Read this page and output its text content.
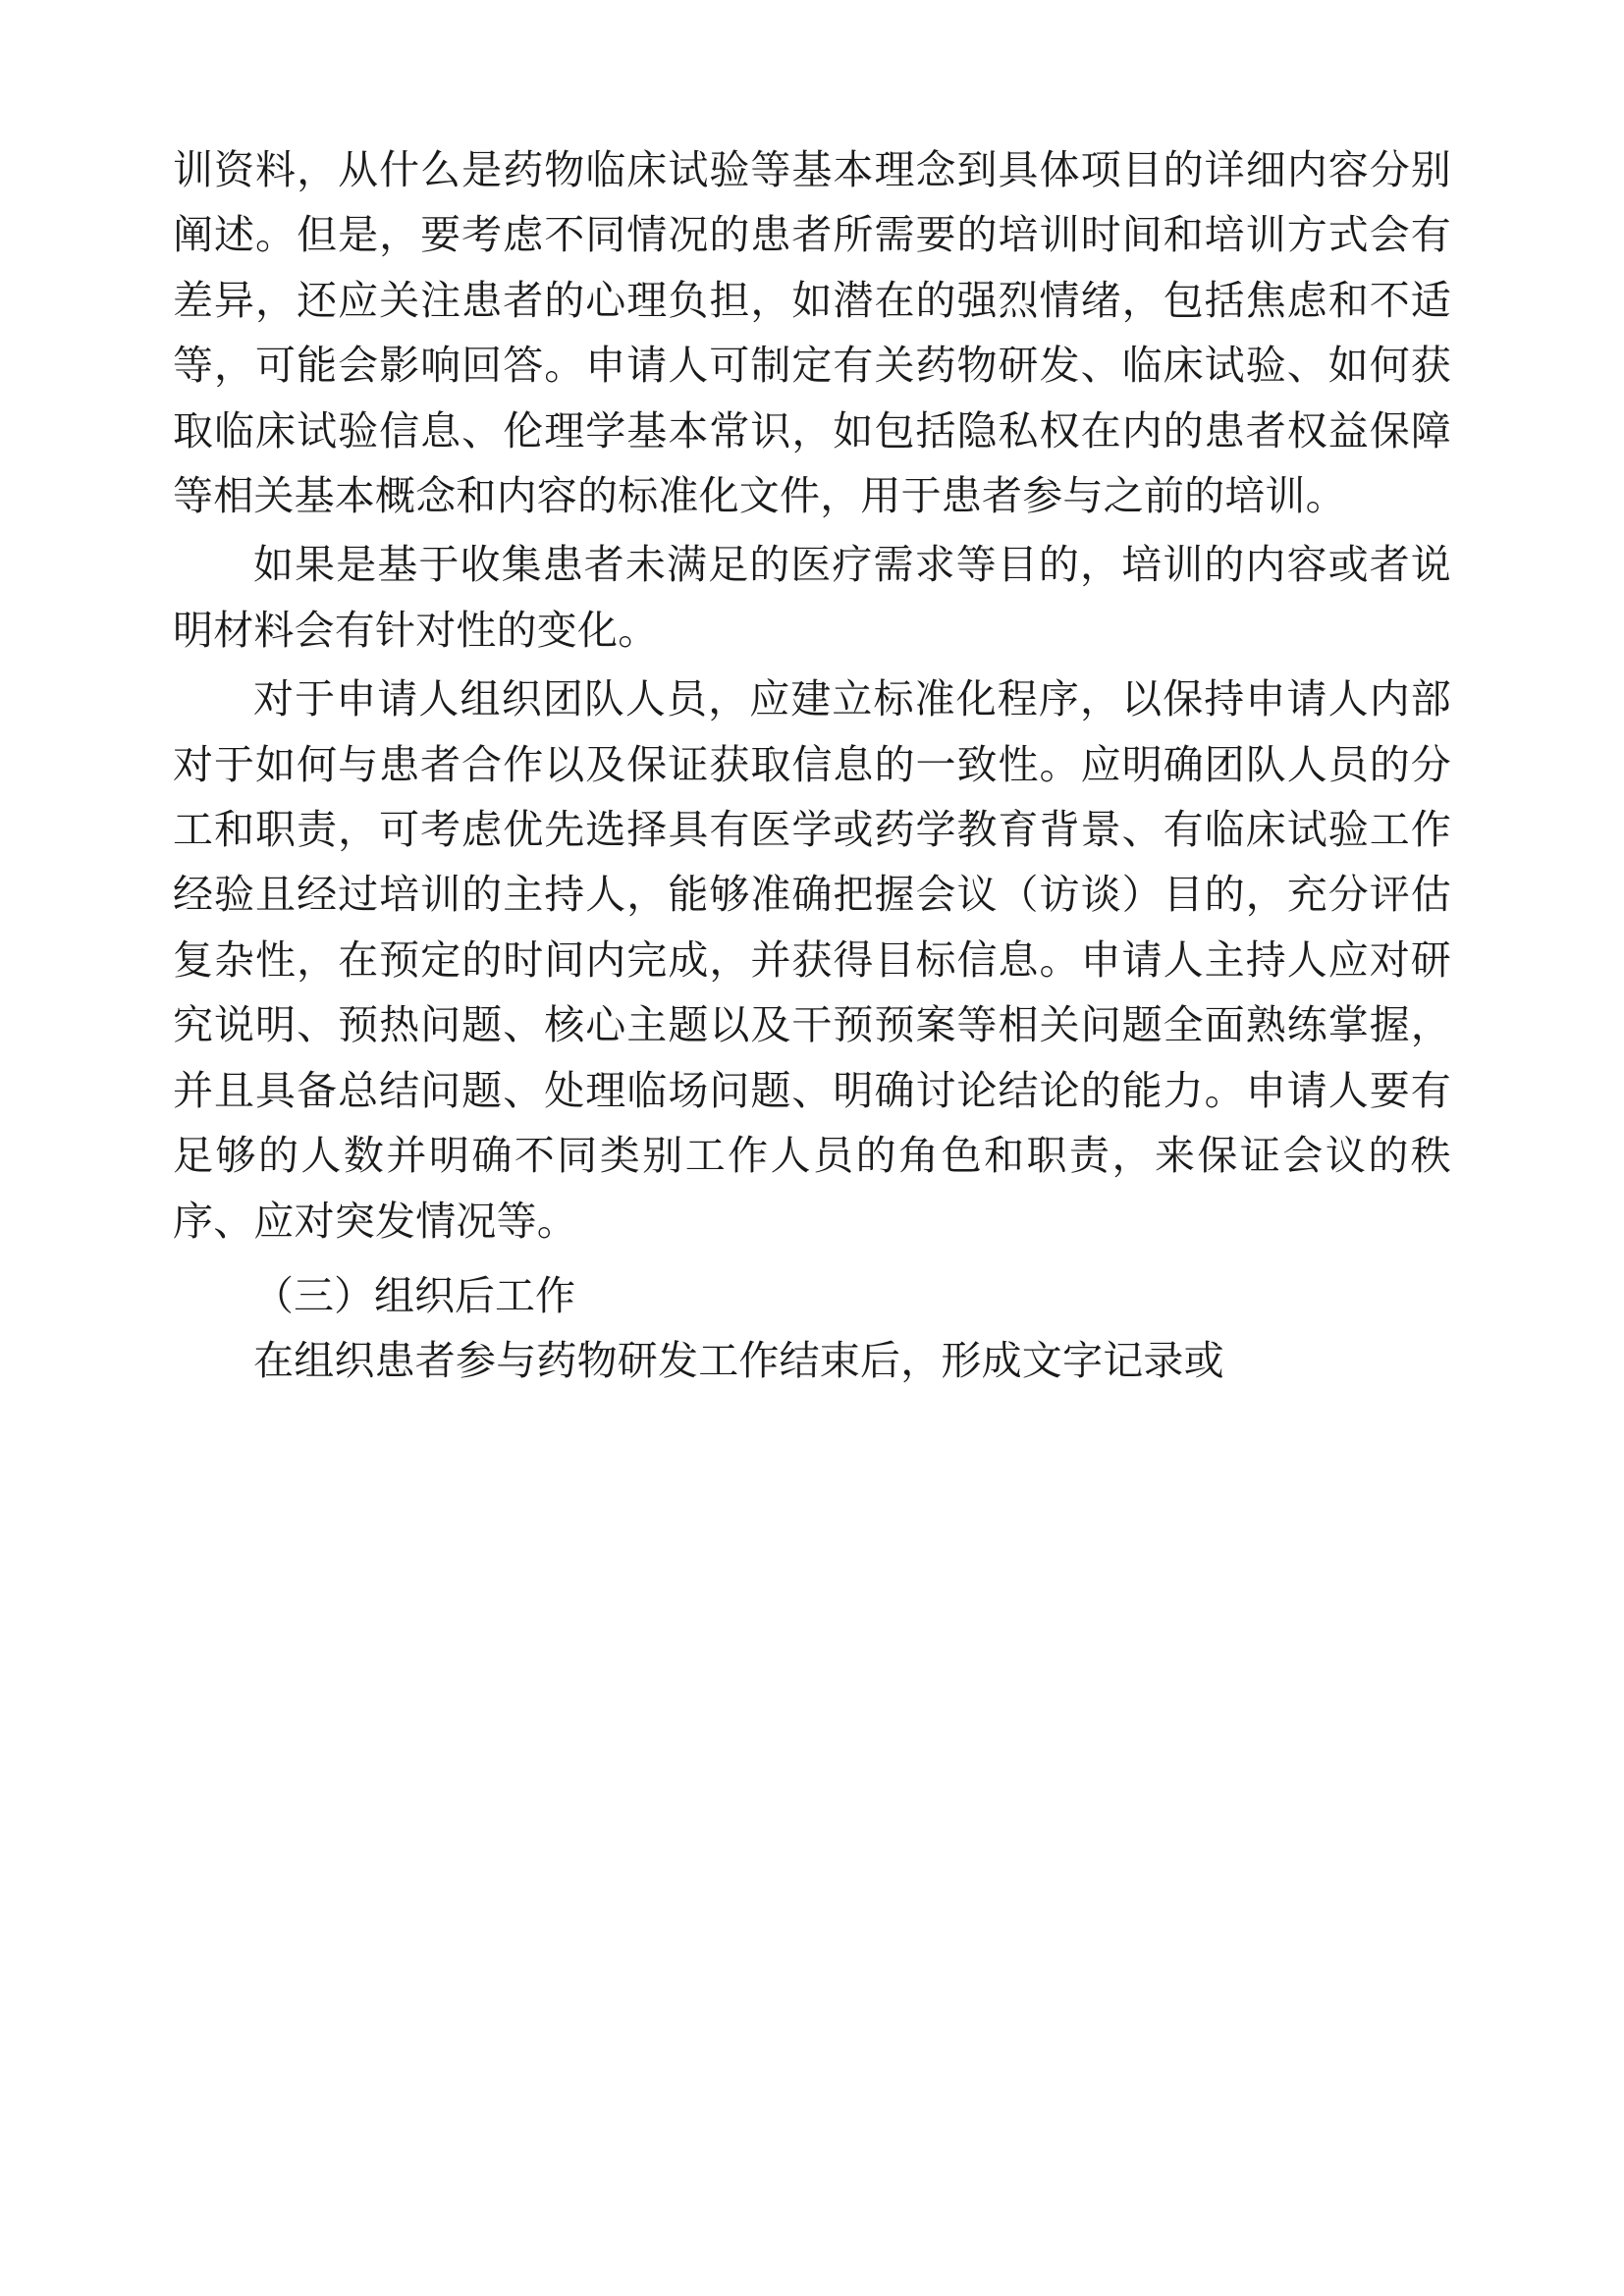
训资料，从什么是药物临床试验等基本理念到具体项目的详细内容分别阐述。但是，要考虑不同情况的患者所需要的培训时间和培训方式会有差异，还应关注患者的心理负担，如潜在的强烈情绪，包括焦虑和不适等，可能会影响回答。申请人可制定有关药物研发、临床试验、如何获取临床试验信息、伦理学基本常识，如包括隐私权在内的患者权益保障等相关基本概念和内容的标准化文件，用于患者参与之前的培训。

如果是基于收集患者未满足的医疗需求等目的，培训的内容或者说明材料会有针对性的变化。

对于申请人组织团队人员，应建立标准化程序，以保持申请人内部对于如何与患者合作以及保证获取信息的一致性。应明确团队人员的分工和职责，可考虑优先选择具有医学或药学教育背景、有临床试验工作经验且经过培训的主持人，能够准确把握会议（访谈）目的，充分评估复杂性，在预定的时间内完成，并获得目标信息。申请人主持人应对研究说明、预热问题、核心主题以及干预预案等相关问题全面熟练掌握，并且具备总结问题、处理临场问题、明确讨论结论的能力。申请人要有足够的人数并明确不同类别工作人员的角色和职责，来保证会议的秩序、应对突发情况等。

（三）组织后工作

在组织患者参与药物研发工作结束后，形成文字记录或
